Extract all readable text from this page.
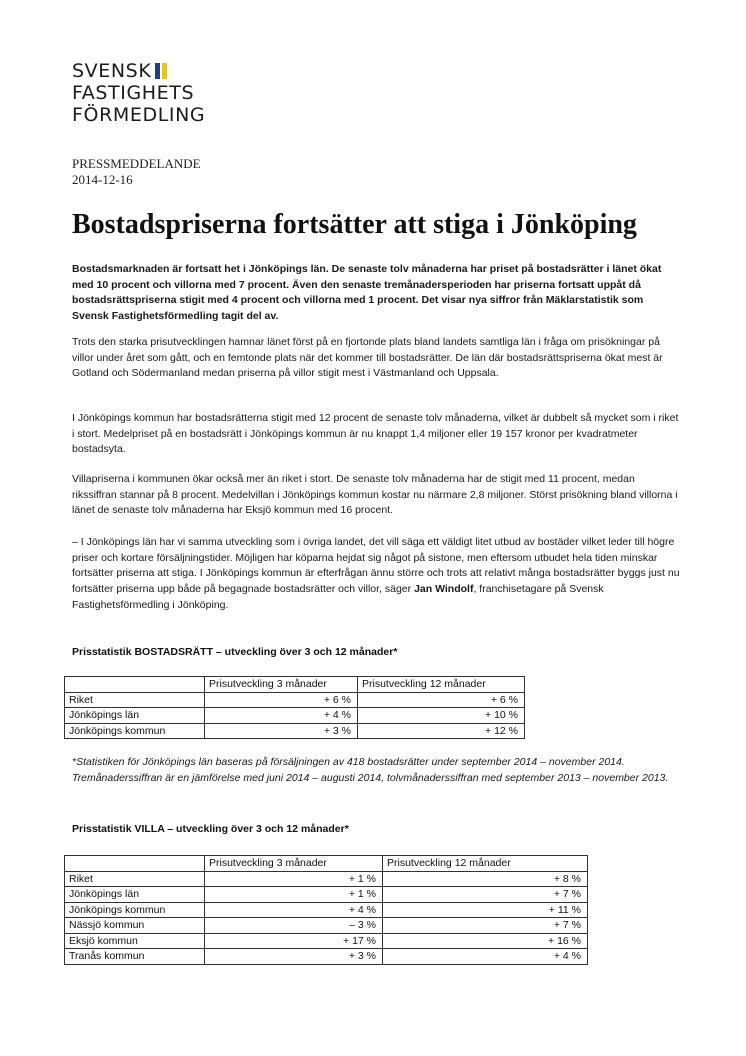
SVENSK
FASTIGHETS
FÖRMEDLING
PRESSMEDDELANDE
2014-12-16
Bostadspriserna fortsätter att stiga i Jönköping

Bostadsmarknaden är fortsatt het i Jönköpings län. De senaste tolv månaderna har priset på bostadsrätter i länet ökat med 10 procent och villorna med 7 procent. Även den senaste tremånadersperioden har priserna fortsatt uppåt då bostadsrättspriserna stigit med 4 procent och villorna med 1 procent. Det visar nya siffror från Mäklarstatistik som Svensk Fastighetsförmedling tagit del av.

Trots den starka prisutvecklingen hamnar länet först på en fjortonde plats bland landets samtliga län i fråga om prisökningar på villor under året som gått, och en femtonde plats när det kommer till bostadsrätter. De län där bostadsrättspriserna ökat mest är Gotland och Södermanland medan priserna på villor stigit mest i Västmanland och Uppsala.

I Jönköpings kommun har bostadsrätterna stigit med 12 procent de senaste tolv månaderna, vilket är dubbelt så mycket som i riket i stort. Medelpriset på en bostadsrätt i Jönköpings kommun är nu knappt 1,4 miljoner eller 19 157 kronor per kvadratmeter bostadsyta.

Villapriserna i kommunen ökar också mer än riket i stort. De senaste tolv månaderna har de stigit med 11 procent, medan rikssiffran stannar på 8 procent. Medelvillan i Jönköpings kommun kostar nu närmare 2,8 miljoner. Störst prisökning bland villorna i länet de senaste tolv månaderna har Eksjö kommun med 16 procent.

– I Jönköpings län har vi samma utveckling som i övriga landet, det vill säga ett väldigt litet utbud av bostäder vilket leder till högre priser och kortare försäljningstider. Möjligen har köparna hejdat sig något på sistone, men eftersom utbudet hela tiden minskar fortsätter priserna att stiga. I Jönköpings kommun är efterfrågan ännu större och trots att relativt många bostadsrätter byggs just nu fortsätter priserna upp både på begagnade bostadsrätter och villor, säger Jan Windolf, franchisetagare på Svensk Fastighetsförmedling i Jönköping.

Prisstatistik BOSTADSRÄTT – utveckling över 3 och 12 månader*

	Prisutveckling 3 månader	Prisutveckling 12 månader
Riket	+ 6 %	+ 6 %
Jönköpings län	+ 4 %	+ 10 %
Jönköpings kommun	+ 3 %	+ 12 %

*Statistiken för Jönköpings län baseras på försäljningen av 418 bostadsrätter under september 2014 – november 2014. Tremånaderssiffran är en jämförelse med juni 2014 – augusti 2014, tolvmånaderssiffran med september 2013 – november 2013.

Prisstatistik VILLA – utveckling över 3 och 12 månader*

	Prisutveckling 3 månader	Prisutveckling 12 månader
Riket	+ 1 %	+ 8 %
Jönköpings län	+ 1 %	+ 7 %
Jönköpings kommun	+ 4 %	+ 11 %
Nässjö kommun	– 3 %	+ 7 %
Eksjö kommun	+ 17 %	+ 16 %
Tranås kommun	+ 3 %	+ 4 %
